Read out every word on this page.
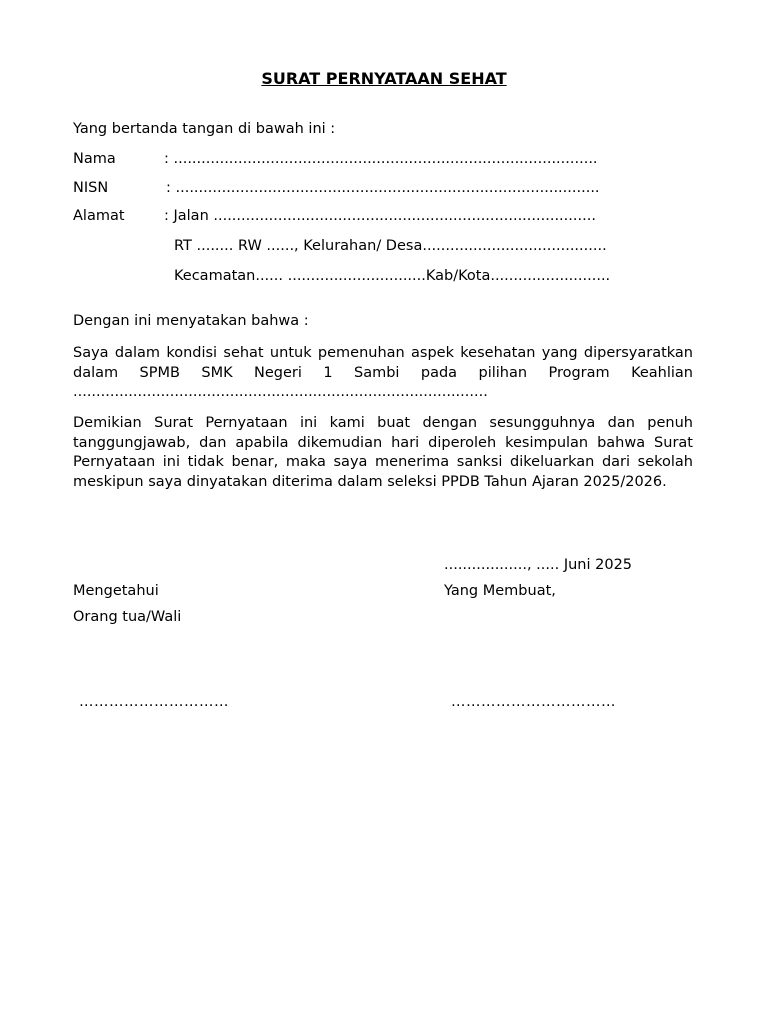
SURAT PERNYATAAN SEHAT
Yang bertanda tangan di bawah ini :
Nama	: ............................................................................................
NISN	: ............................................................................................
Alamat	: Jalan ...................................................................................
RT ........ RW ......, Kelurahan/ Desa........................................
Kecamatan...... ..............................Kab/Kota..........................
Dengan ini menyatakan bahwa :
Saya dalam kondisi sehat untuk pemenuhan aspek kesehatan yang dipersyaratkan dalam SPMB SMK Negeri 1 Sambi pada pilihan Program Keahlian ..........................................................................................
Demikian Surat Pernyataan ini kami buat dengan sesungguhnya dan penuh tanggungjawab, dan apabila dikemudian hari diperoleh kesimpulan bahwa Surat Pernyataan ini tidak benar, maka saya menerima sanksi dikeluarkan dari sekolah meskipun saya dinyatakan diterima dalam seleksi PPDB Tahun Ajaran 2025/2026.
.................., ..... Juni 2025
Mengetahui	Yang Membuat,
Orang tua/Wali
…………………………	……………………………
